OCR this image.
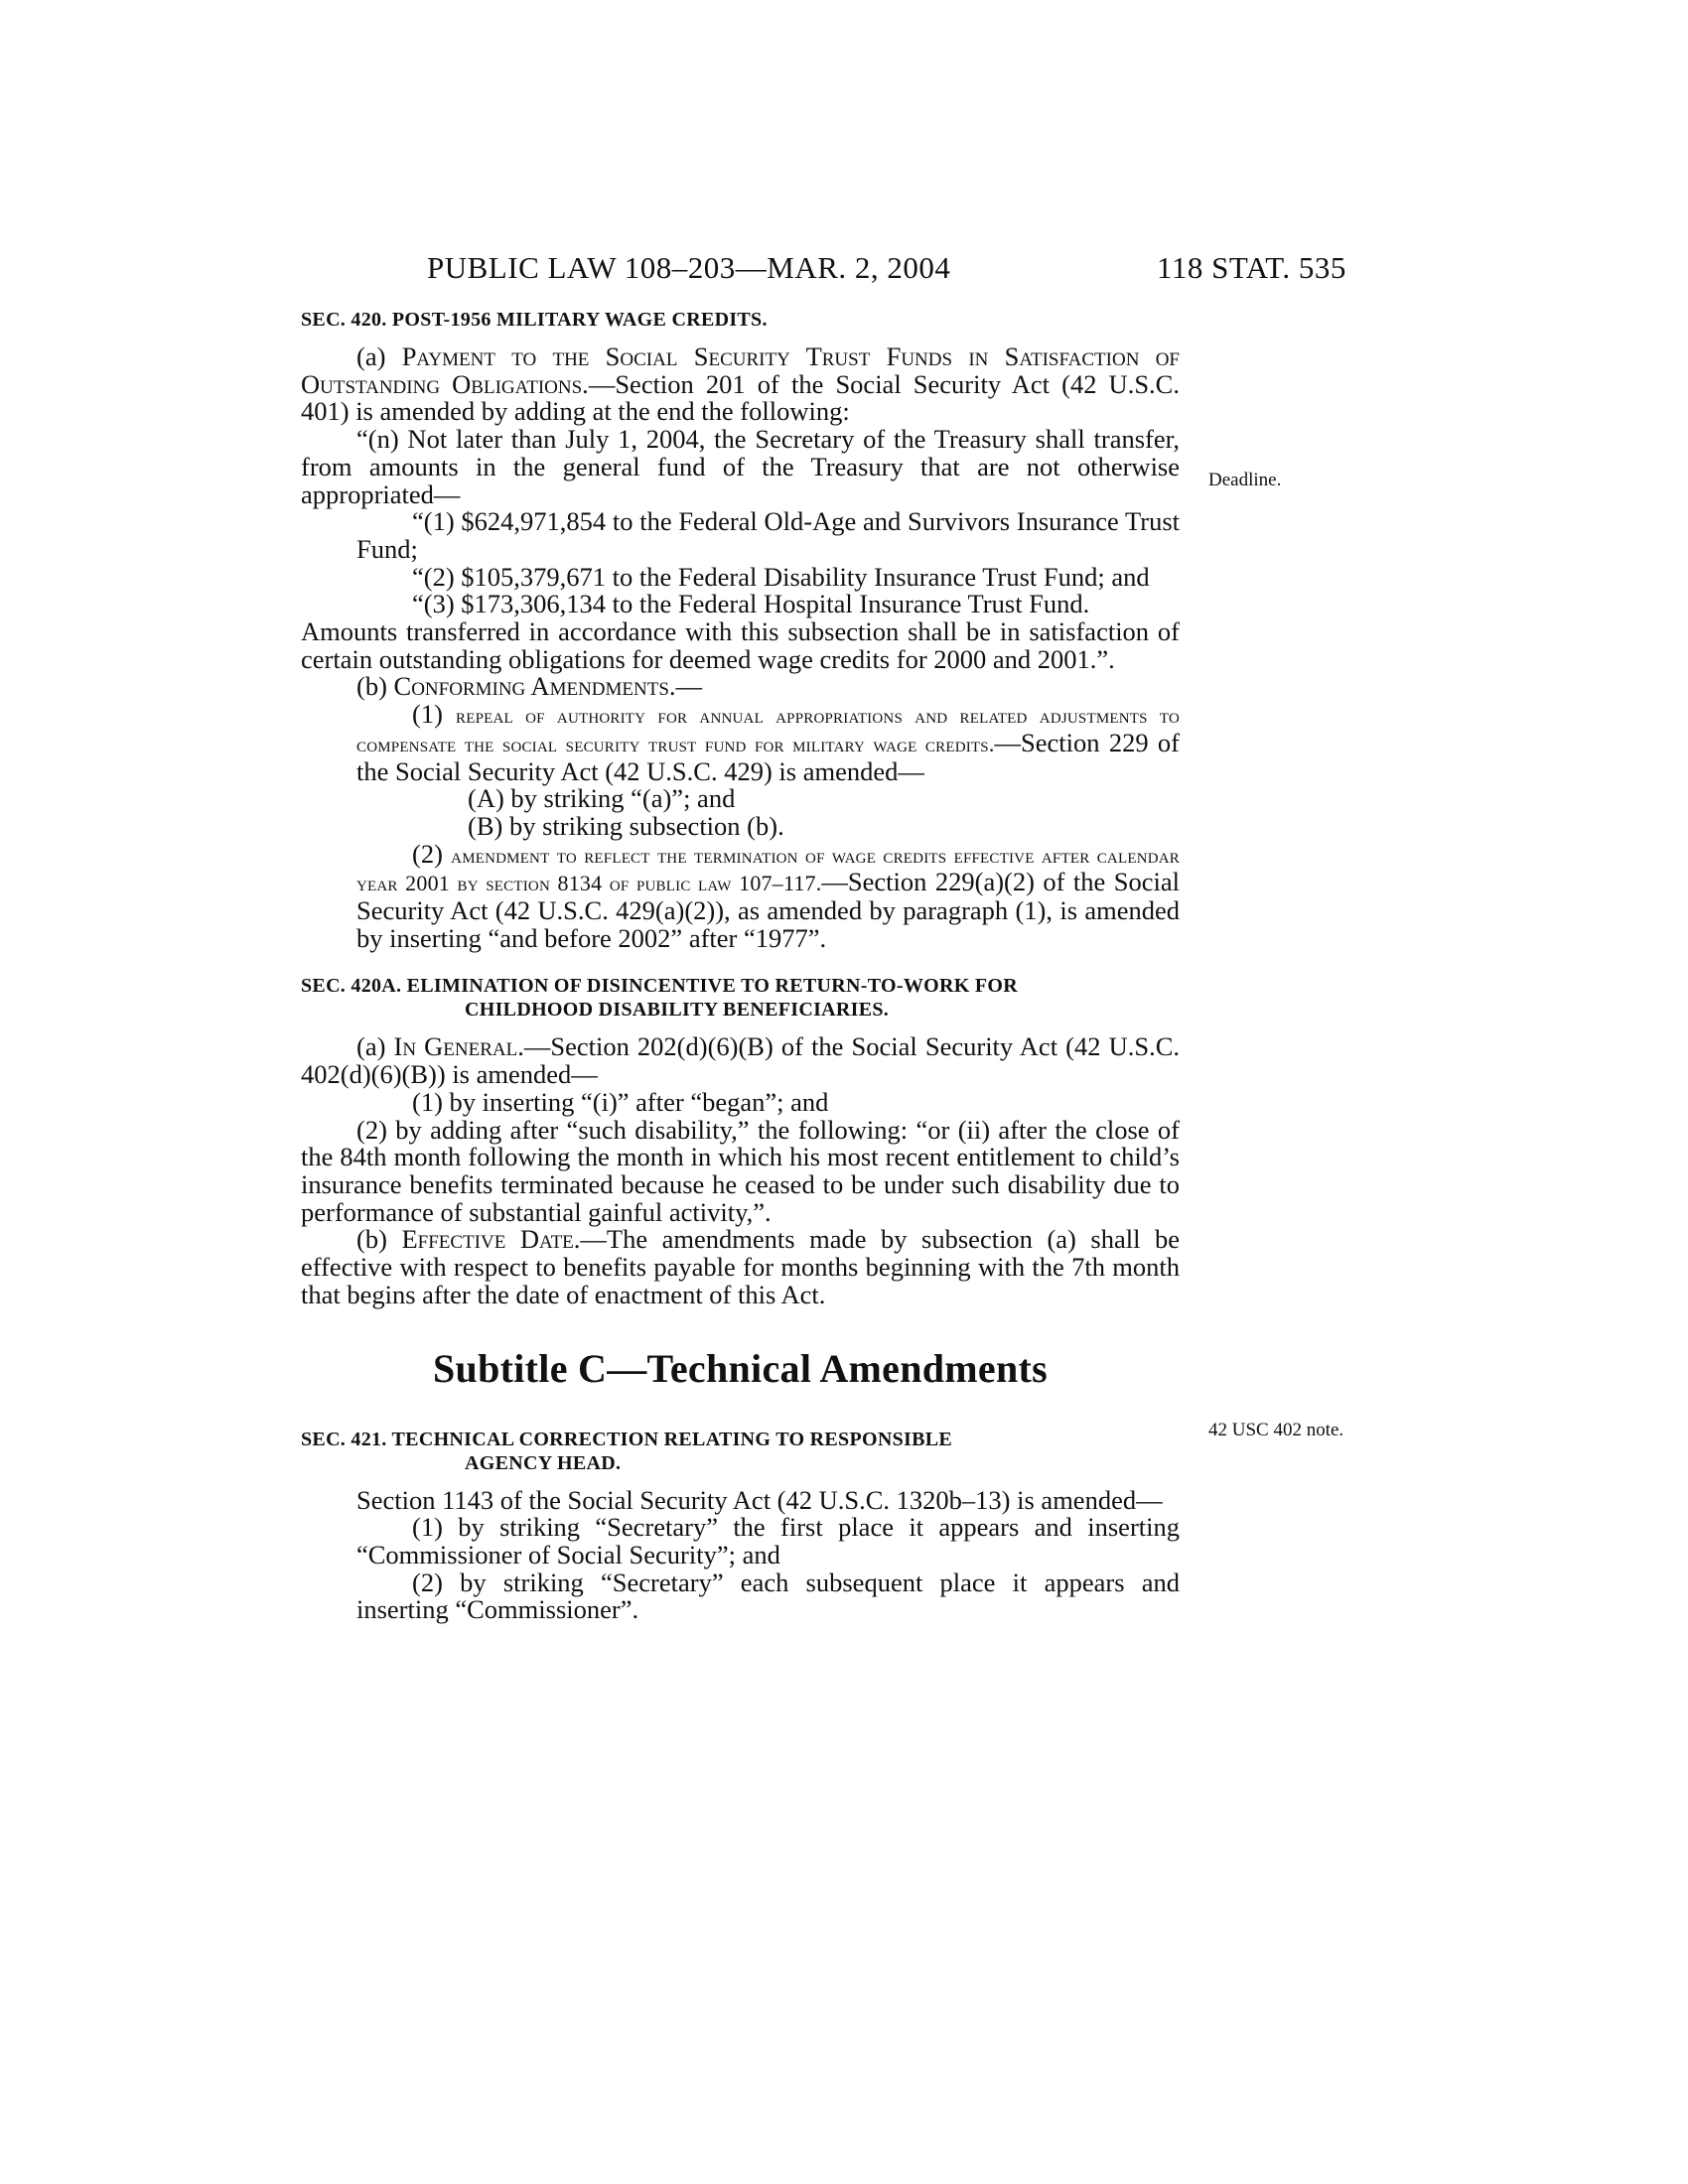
PUBLIC LAW 108–203—MAR. 2, 2004	118 STAT. 535
Deadline.
42 USC 402 note.

SEC. 420. POST-1956 MILITARY WAGE CREDITS.

(a) Payment to the Social Security Trust Funds in Satisfaction of Outstanding Obligations.—Section 201 of the Social Security Act (42 U.S.C. 401) is amended by adding at the end the following:

“(n) Not later than July 1, 2004, the Secretary of the Treasury shall transfer, from amounts in the general fund of the Treasury that are not otherwise appropriated—

“(1) $624,971,854 to the Federal Old-Age and Survivors Insurance Trust Fund;

“(2) $105,379,671 to the Federal Disability Insurance Trust Fund; and

“(3) $173,306,134 to the Federal Hospital Insurance Trust Fund.

Amounts transferred in accordance with this subsection shall be in satisfaction of certain outstanding obligations for deemed wage credits for 2000 and 2001.”.

(b) Conforming Amendments.—

(1) repeal of authority for annual appropriations and related adjustments to compensate the social security trust fund for military wage credits.—Section 229 of the Social Security Act (42 U.S.C. 429) is amended—

(A) by striking “(a)”; and

(B) by striking subsection (b).

(2) amendment to reflect the termination of wage credits effective after calendar year 2001 by section 8134 of public law 107–117.—Section 229(a)(2) of the Social Security Act (42 U.S.C. 429(a)(2)), as amended by paragraph (1), is amended by inserting “and before 2002” after “1977”.

SEC. 420A. ELIMINATION OF DISINCENTIVE TO RETURN-TO-WORK FOR
CHILDHOOD DISABILITY BENEFICIARIES.

(a) In General.—Section 202(d)(6)(B) of the Social Security Act (42 U.S.C. 402(d)(6)(B)) is amended—

(1) by inserting “(i)” after “began”; and

(2) by adding after “such disability,” the following: “or (ii) after the close of the 84th month following the month in which his most recent entitlement to child’s insurance benefits terminated because he ceased to be under such disability due to performance of substantial gainful activity,”.

(b) Effective Date.—The amendments made by subsection (a) shall be effective with respect to benefits payable for months beginning with the 7th month that begins after the date of enactment of this Act.

Subtitle C—Technical Amendments

SEC. 421. TECHNICAL CORRECTION RELATING TO RESPONSIBLE
AGENCY HEAD.

Section 1143 of the Social Security Act (42 U.S.C. 1320b–13) is amended—

(1) by striking “Secretary” the first place it appears and inserting “Commissioner of Social Security”; and

(2) by striking “Secretary” each subsequent place it appears and inserting “Commissioner”.
